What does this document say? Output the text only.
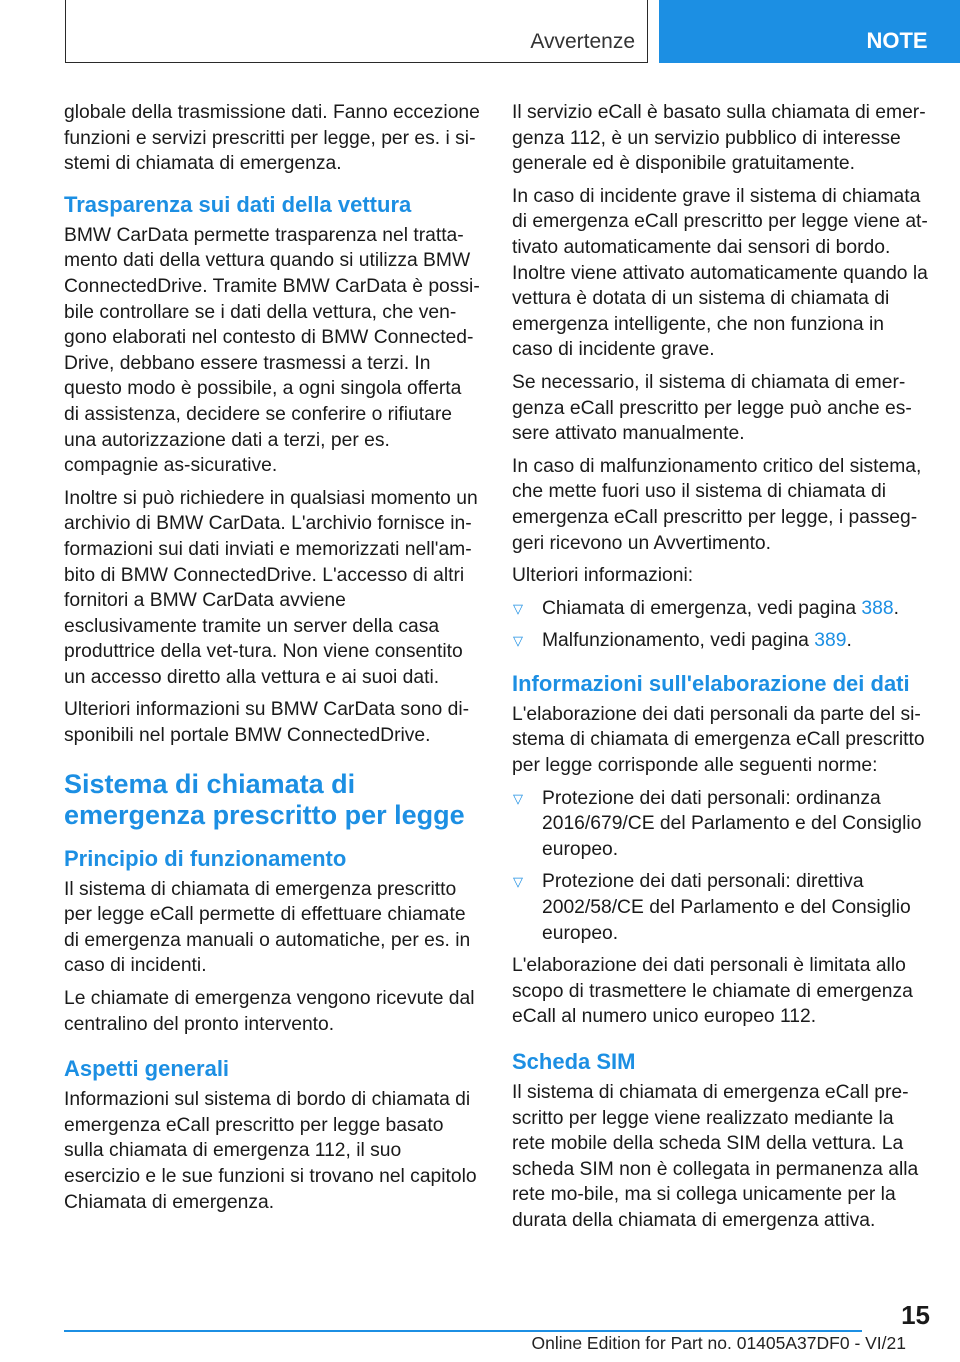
Avvertenze	NOTE

globale della trasmissione dati. Fanno eccezione funzioni e servizi prescritti per legge, per es. i si-stemi di chiamata di emergenza.

Trasparenza sui dati della vettura

BMW CarData permette trasparenza nel tratta-mento dati della vettura quando si utilizza BMW ConnectedDrive. Tramite BMW CarData è possi-bile controllare se i dati della vettura, che ven-gono elaborati nel contesto di BMW Connected-Drive, debbano essere trasmessi a terzi. In questo modo è possibile, a ogni singola offerta di assistenza, decidere se conferire o rifiutare una autorizzazione dati a terzi, per es. compagnie as-sicurative.

Inoltre si può richiedere in qualsiasi momento un archivio di BMW CarData. L'archivio fornisce in-formazioni sui dati inviati e memorizzati nell'am-bito di BMW ConnectedDrive. L'accesso di altri fornitori a BMW CarData avviene esclusivamente tramite un server della casa produttrice della vet-tura. Non viene consentito un accesso diretto alla vettura e ai suoi dati.

Ulteriori informazioni su BMW CarData sono di-sponibili nel portale BMW ConnectedDrive.

Sistema di chiamata di emergenza prescritto per legge
Principio di funzionamento

Il sistema di chiamata di emergenza prescritto per legge eCall permette di effettuare chiamate di emergenza manuali o automatiche, per es. in caso di incidenti.

Le chiamate di emergenza vengono ricevute dal centralino del pronto intervento.

Aspetti generali

Informazioni sul sistema di bordo di chiamata di emergenza eCall prescritto per legge basato sulla chiamata di emergenza 112, il suo esercizio e le sue funzioni si trovano nel capitolo Chiamata di emergenza.

Il servizio eCall è basato sulla chiamata di emer-genza 112, è un servizio pubblico di interesse generale ed è disponibile gratuitamente.

In caso di incidente grave il sistema di chiamata di emergenza eCall prescritto per legge viene at-tivato automaticamente dai sensori di bordo. Inoltre viene attivato automaticamente quando la vettura è dotata di un sistema di chiamata di emergenza intelligente, che non funziona in caso di incidente grave.

Se necessario, il sistema di chiamata di emer-genza eCall prescritto per legge può anche es-sere attivato manualmente.

In caso di malfunzionamento critico del sistema, che mette fuori uso il sistema di chiamata di emergenza eCall prescritto per legge, i passeg-geri ricevono un Avvertimento.

Ulteriori informazioni:

▽ Chiamata di emergenza, vedi pagina 388.
▽ Malfunzionamento, vedi pagina 389.
Informazioni sull'elaborazione dei dati

L'elaborazione dei dati personali da parte del si-stema di chiamata di emergenza eCall prescritto per legge corrisponde alle seguenti norme:

▽ Protezione dei dati personali: ordinanza 2016/679/CE del Parlamento e del Consiglio europeo.
▽ Protezione dei dati personali: direttiva 2002/58/CE del Parlamento e del Consiglio europeo.

L'elaborazione dei dati personali è limitata allo scopo di trasmettere le chiamate di emergenza eCall al numero unico europeo 112.

Scheda SIM

Il sistema di chiamata di emergenza eCall pre-scritto per legge viene realizzato mediante la rete mobile della scheda SIM della vettura. La scheda SIM non è collegata in permanenza alla rete mo-bile, ma si collega unicamente per la durata della chiamata di emergenza attiva.

15
Online Edition for Part no. 01405A37DF0 - VI/21
